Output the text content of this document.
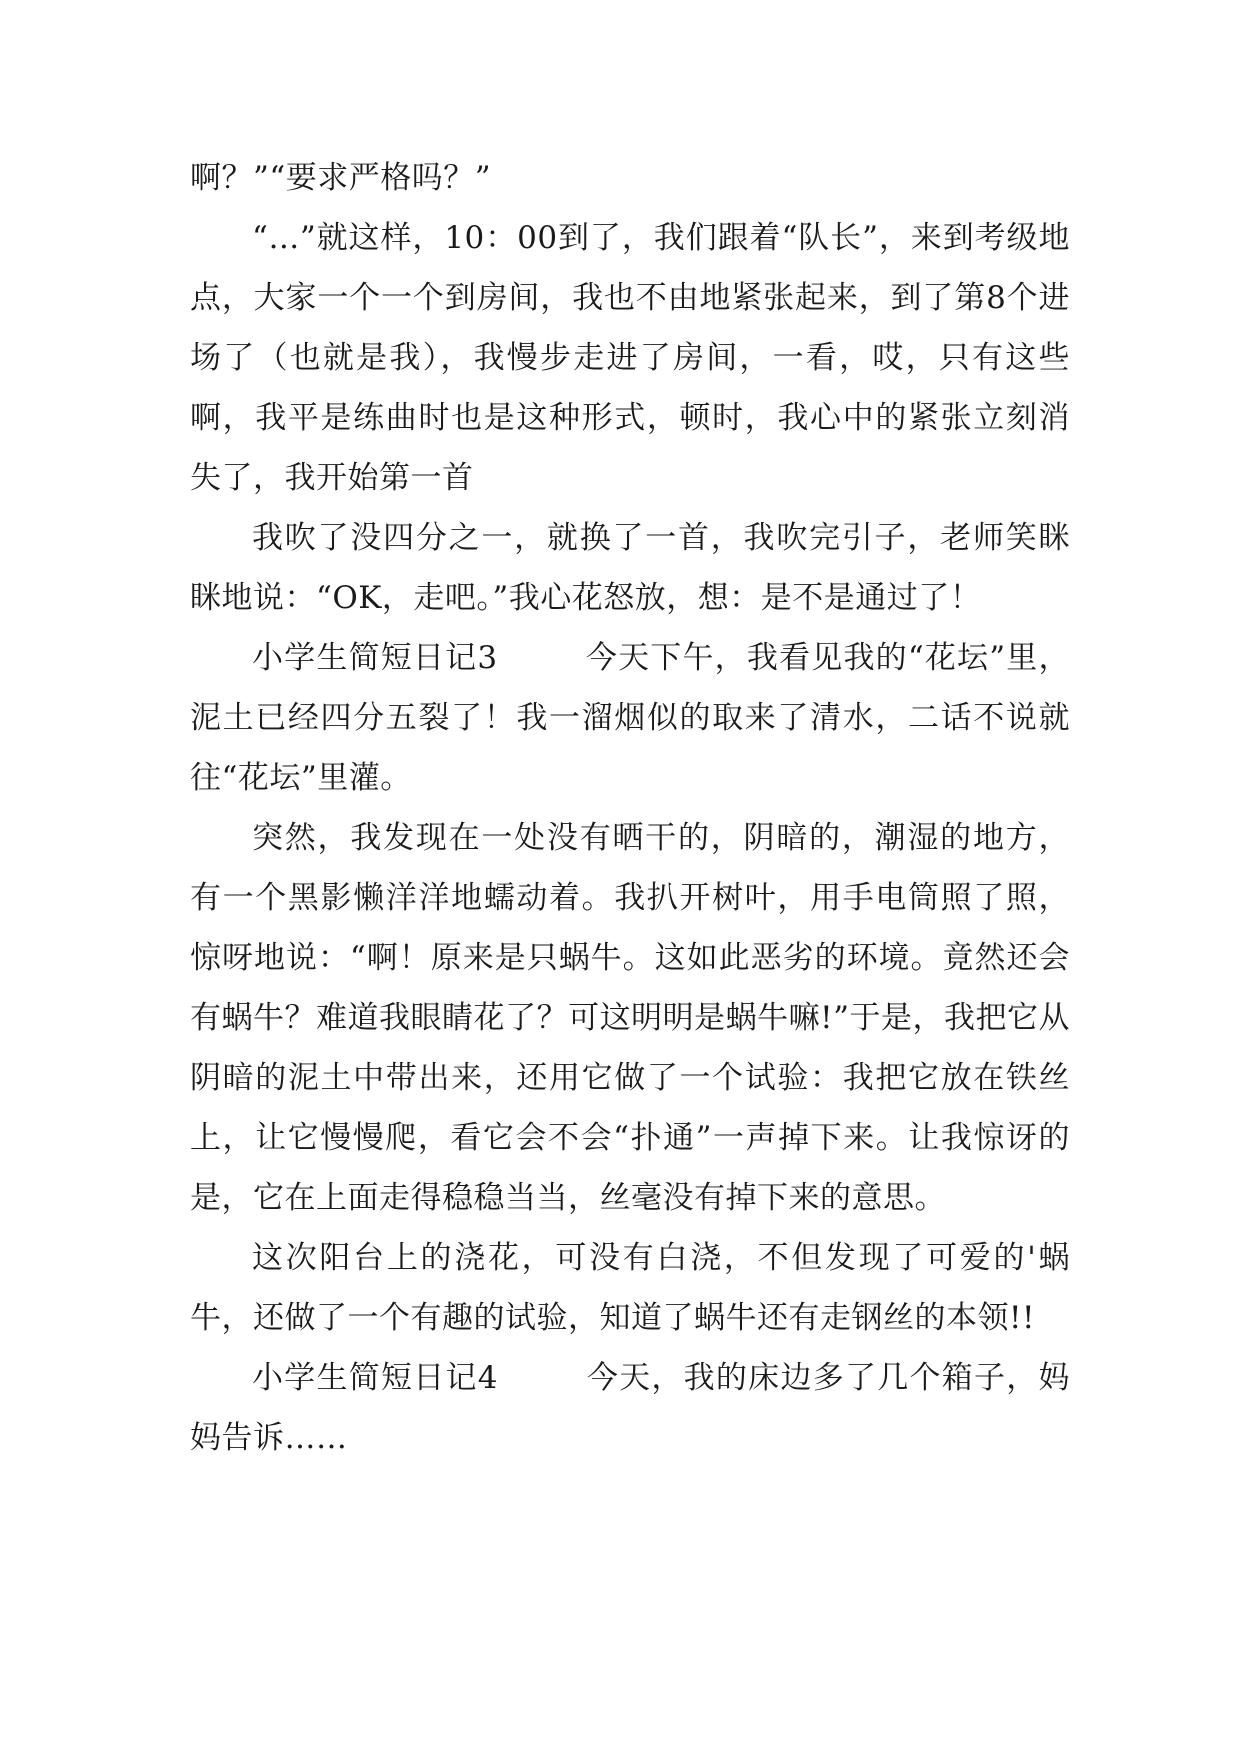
啊？”“要求严格吗？”

“…”就这样，10：00到了，我们跟着“队长”，来到考级地点，大家一个一个到房间，我也不由地紧张起来，到了第8个进场了（也就是我），我慢步走进了房间，一看，哎，只有这些啊，我平是练曲时也是这种形式，顿时，我心中的紧张立刻消失了，我开始第一首

我吹了没四分之一，就换了一首，我吹完引子，老师笑眯眯地说：“OK，走吧。”我心花怒放，想：是不是通过了！

小学生简短日记3	今天下午，我看见我的“花坛”里，泥土已经四分五裂了！我一溜烟似的取来了清水，二话不说就往“花坛”里灌。

突然，我发现在一处没有晒干的，阴暗的，潮湿的地方，有一个黑影懒洋洋地蠕动着。我扒开树叶，用手电筒照了照，惊呀地说：“啊！原来是只蜗牛。这如此恶劣的环境。竟然还会有蜗牛？难道我眼睛花了？可这明明是蜗牛嘛!”于是，我把它从阴暗的泥土中带出来，还用它做了一个试验：我把它放在铁丝上，让它慢慢爬，看它会不会“扑通”一声掉下来。让我惊讶的是，它在上面走得稳稳当当，丝毫没有掉下来的意思。

这次阳台上的浇花，可没有白浇，不但发现了可爱的'蜗牛，还做了一个有趣的试验，知道了蜗牛还有走钢丝的本领!!

小学生简短日记4	今天，我的床边多了几个箱子，妈妈告诉……
